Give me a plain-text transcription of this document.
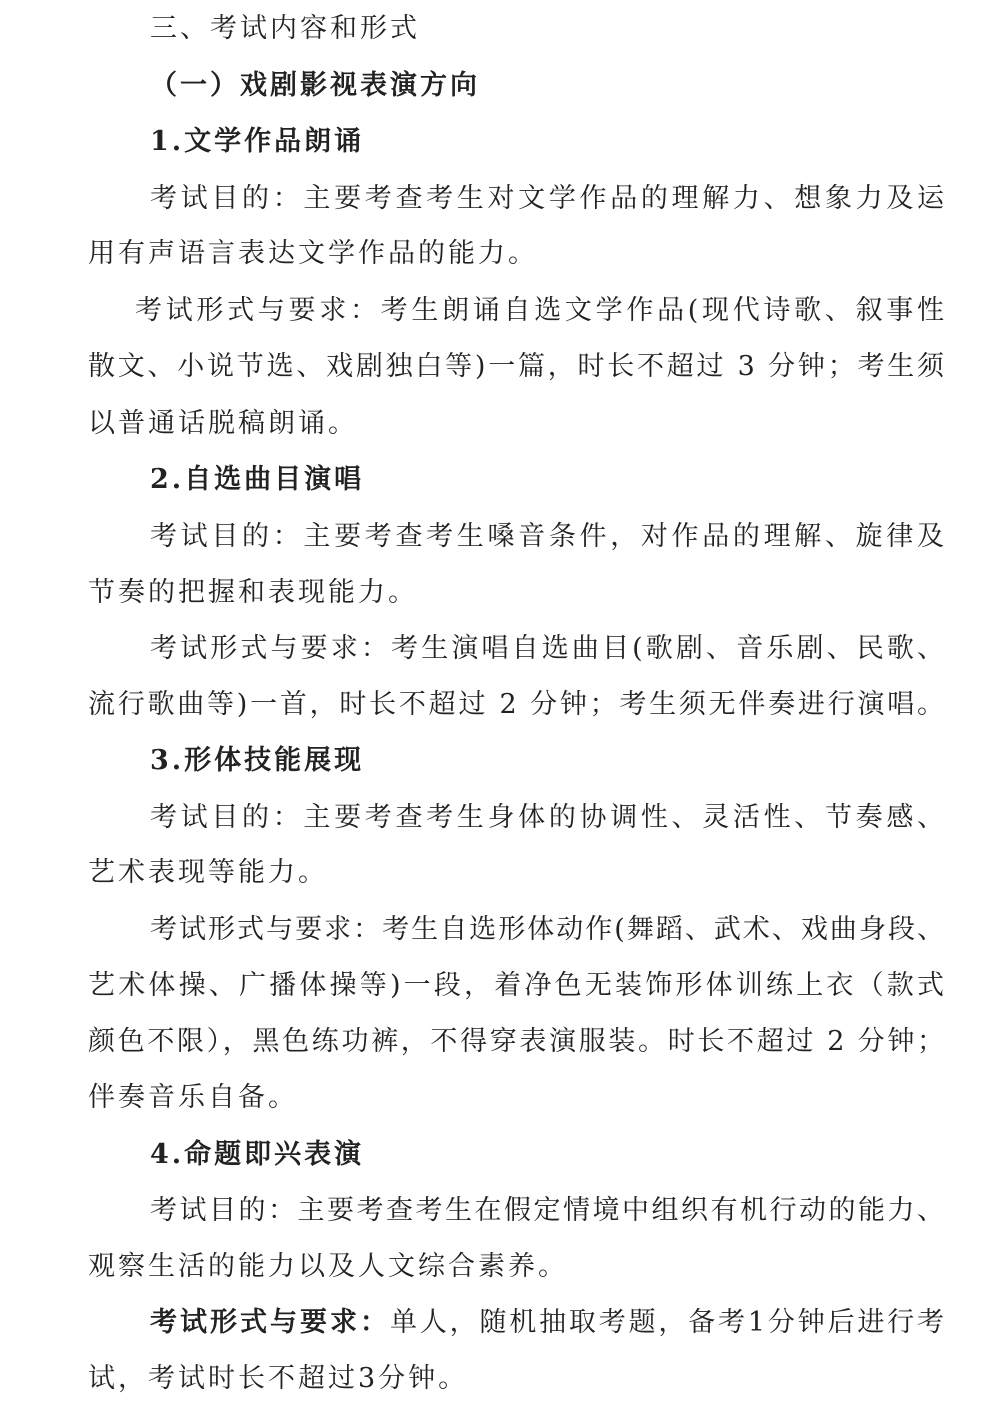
三、考试内容和形式
（一）戏剧影视表演方向
1.文学作品朗诵
考试目的：主要考查考生对文学作品的理解力、想象力及运
用有声语言表达文学作品的能力。
考试形式与要求：考生朗诵自选文学作品(现代诗歌、叙事性
散文、小说节选、戏剧独白等)一篇，时长不超过 3 分钟；考生须
以普通话脱稿朗诵。
2.自选曲目演唱
考试目的：主要考查考生嗓音条件，对作品的理解、旋律及
节奏的把握和表现能力。
考试形式与要求：考生演唱自选曲目(歌剧、音乐剧、民歌、
流行歌曲等)一首，时长不超过 2 分钟；考生须无伴奏进行演唱。
3.形体技能展现
考试目的：主要考查考生身体的协调性、灵活性、节奏感、
艺术表现等能力。
考试形式与要求：考生自选形体动作(舞蹈、武术、戏曲身段、
艺术体操、广播体操等)一段，着净色无装饰形体训练上衣（款式
颜色不限），黑色练功裤，不得穿表演服装。时长不超过 2 分钟；
伴奏音乐自备。
4.命题即兴表演
考试目的：主要考查考生在假定情境中组织有机行动的能力、
观察生活的能力以及人文综合素养。
考试形式与要求： 单人，随机抽取考题，备考1分钟后进行考
试，考试时长不超过3分钟。
